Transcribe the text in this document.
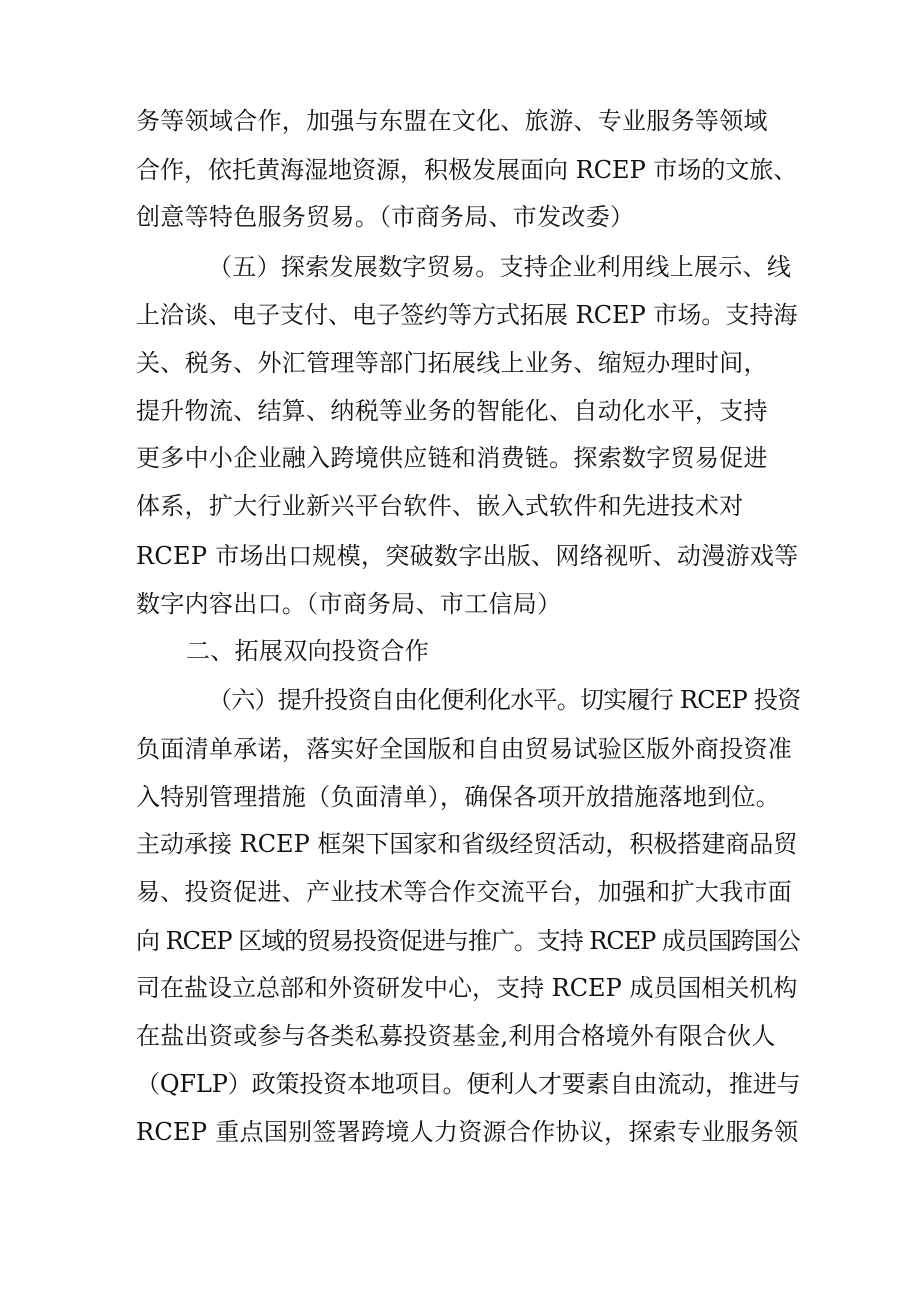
务等领域合作，加强与东盟在文化、旅游、专业服务等领域
合作，依托黄海湿地资源，积极发展面向 RCEP 市场的文旅、
创意等特色服务贸易。（市商务局、市发改委）
（五）探索发展数字贸易。支持企业利用线上展示、线
上洽谈、电子支付、电子签约等方式拓展 RCEP 市场。支持海
关、税务、外汇管理等部门拓展线上业务、缩短办理时间，
提升物流、结算、纳税等业务的智能化、自动化水平，支持
更多中小企业融入跨境供应链和消费链。探索数字贸易促进
体系，扩大行业新兴平台软件、嵌入式软件和先进技术对
RCEP 市场出口规模，突破数字出版、网络视听、动漫游戏等
数字内容出口。（市商务局、市工信局）
二、拓展双向投资合作
（六）提升投资自由化便利化水平。切实履行 RCEP 投资
负面清单承诺，落实好全国版和自由贸易试验区版外商投资准
入特别管理措施（负面清单），确保各项开放措施落地到位。
主动承接 RCEP 框架下国家和省级经贸活动，积极搭建商品贸
易、投资促进、产业技术等合作交流平台，加强和扩大我市面
向 RCEP 区域的贸易投资促进与推广。支持 RCEP 成员国跨国公
司在盐设立总部和外资研发中心，支持 RCEP 成员国相关机构
在盐出资或参与各类私募投资基金,利用合格境外有限合伙人
（QFLP）政策投资本地项目。便利人才要素自由流动，推进与
RCEP 重点国别签署跨境人力资源合作协议，探索专业服务领
